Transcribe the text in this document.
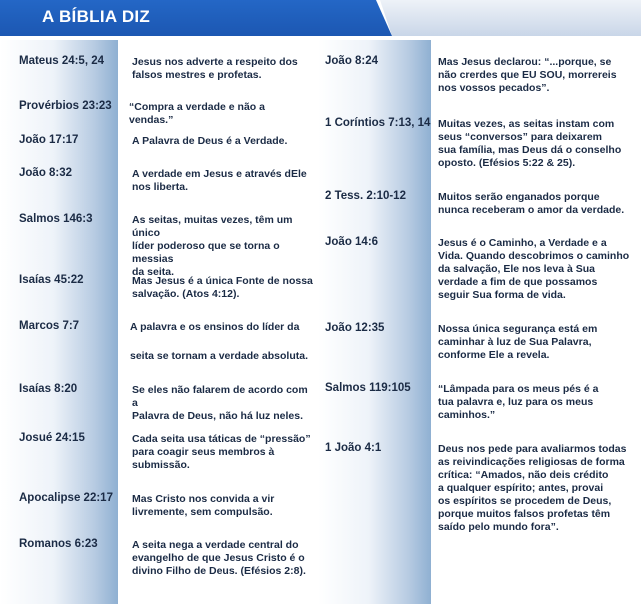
A BÍBLIA DIZ
Mateus 24:5, 24	Jesus nos adverte a respeito dos
falsos mestres e profetas.
Provérbios 23:23 “Compra a verdade e não a vendas.”
João 17:17	A Palavra de Deus é a Verdade.
João 8:32	A verdade em Jesus e através dEle
nos liberta.
Salmos 146:3	As seitas, muitas vezes, têm um único
líder poderoso que se torna o messias
da seita.
Isaías 45:22	Mas Jesus é a única Fonte de nossa
salvação. (Atos 4:12).
Marcos 7:7	A palavra e os ensinos do líder da
seita se tornam a verdade absoluta.
Isaías 8:20	Se eles não falarem de acordo com a
Palavra de Deus, não há luz neles.
Josué 24:15	Cada seita usa táticas de “pressão”
para coagir seus membros à
submissão.
Apocalipse 22:17 Mas Cristo nos convida a vir
livremente, sem compulsão.
Romanos 6:23	A seita nega a verdade central do
evangelho de que Jesus Cristo é o
divino Filho de Deus. (Efésios 2:8).
João 8:24	Mas Jesus declarou: “...porque, se
não crerdes que EU SOU, morrereis
nos vossos pecados”.
1 Coríntios 7:13, 14 Muitas vezes, as seitas instam com
seus “conversos” para deixarem
sua família, mas Deus dá o conselho
oposto. (Efésios 5:22 & 25).
2 Tess. 2:10-12	Muitos serão enganados porque
nunca receberam o amor da verdade.
João 14:6	Jesus é o Caminho, a Verdade e a
Vida. Quando descobrimos o caminho
da salvação, Ele nos leva à Sua
verdade a fim de que possamos
seguir Sua forma de vida.
João 12:35	Nossa única segurança está em
caminhar à luz de Sua Palavra,
conforme Ele a revela.
Salmos 119:105	“Lâmpada para os meus pés é a
tua palavra e, luz para os meus
caminhos.”
1 João 4:1	Deus nos pede para avaliarmos todas
as reivindicações religiosas de forma
crítica: “Amados, não deis crédito
a qualquer espírito; antes, provai
os espíritos se procedem de Deus,
porque muitos falsos profetas têm
saído pelo mundo fora”.
